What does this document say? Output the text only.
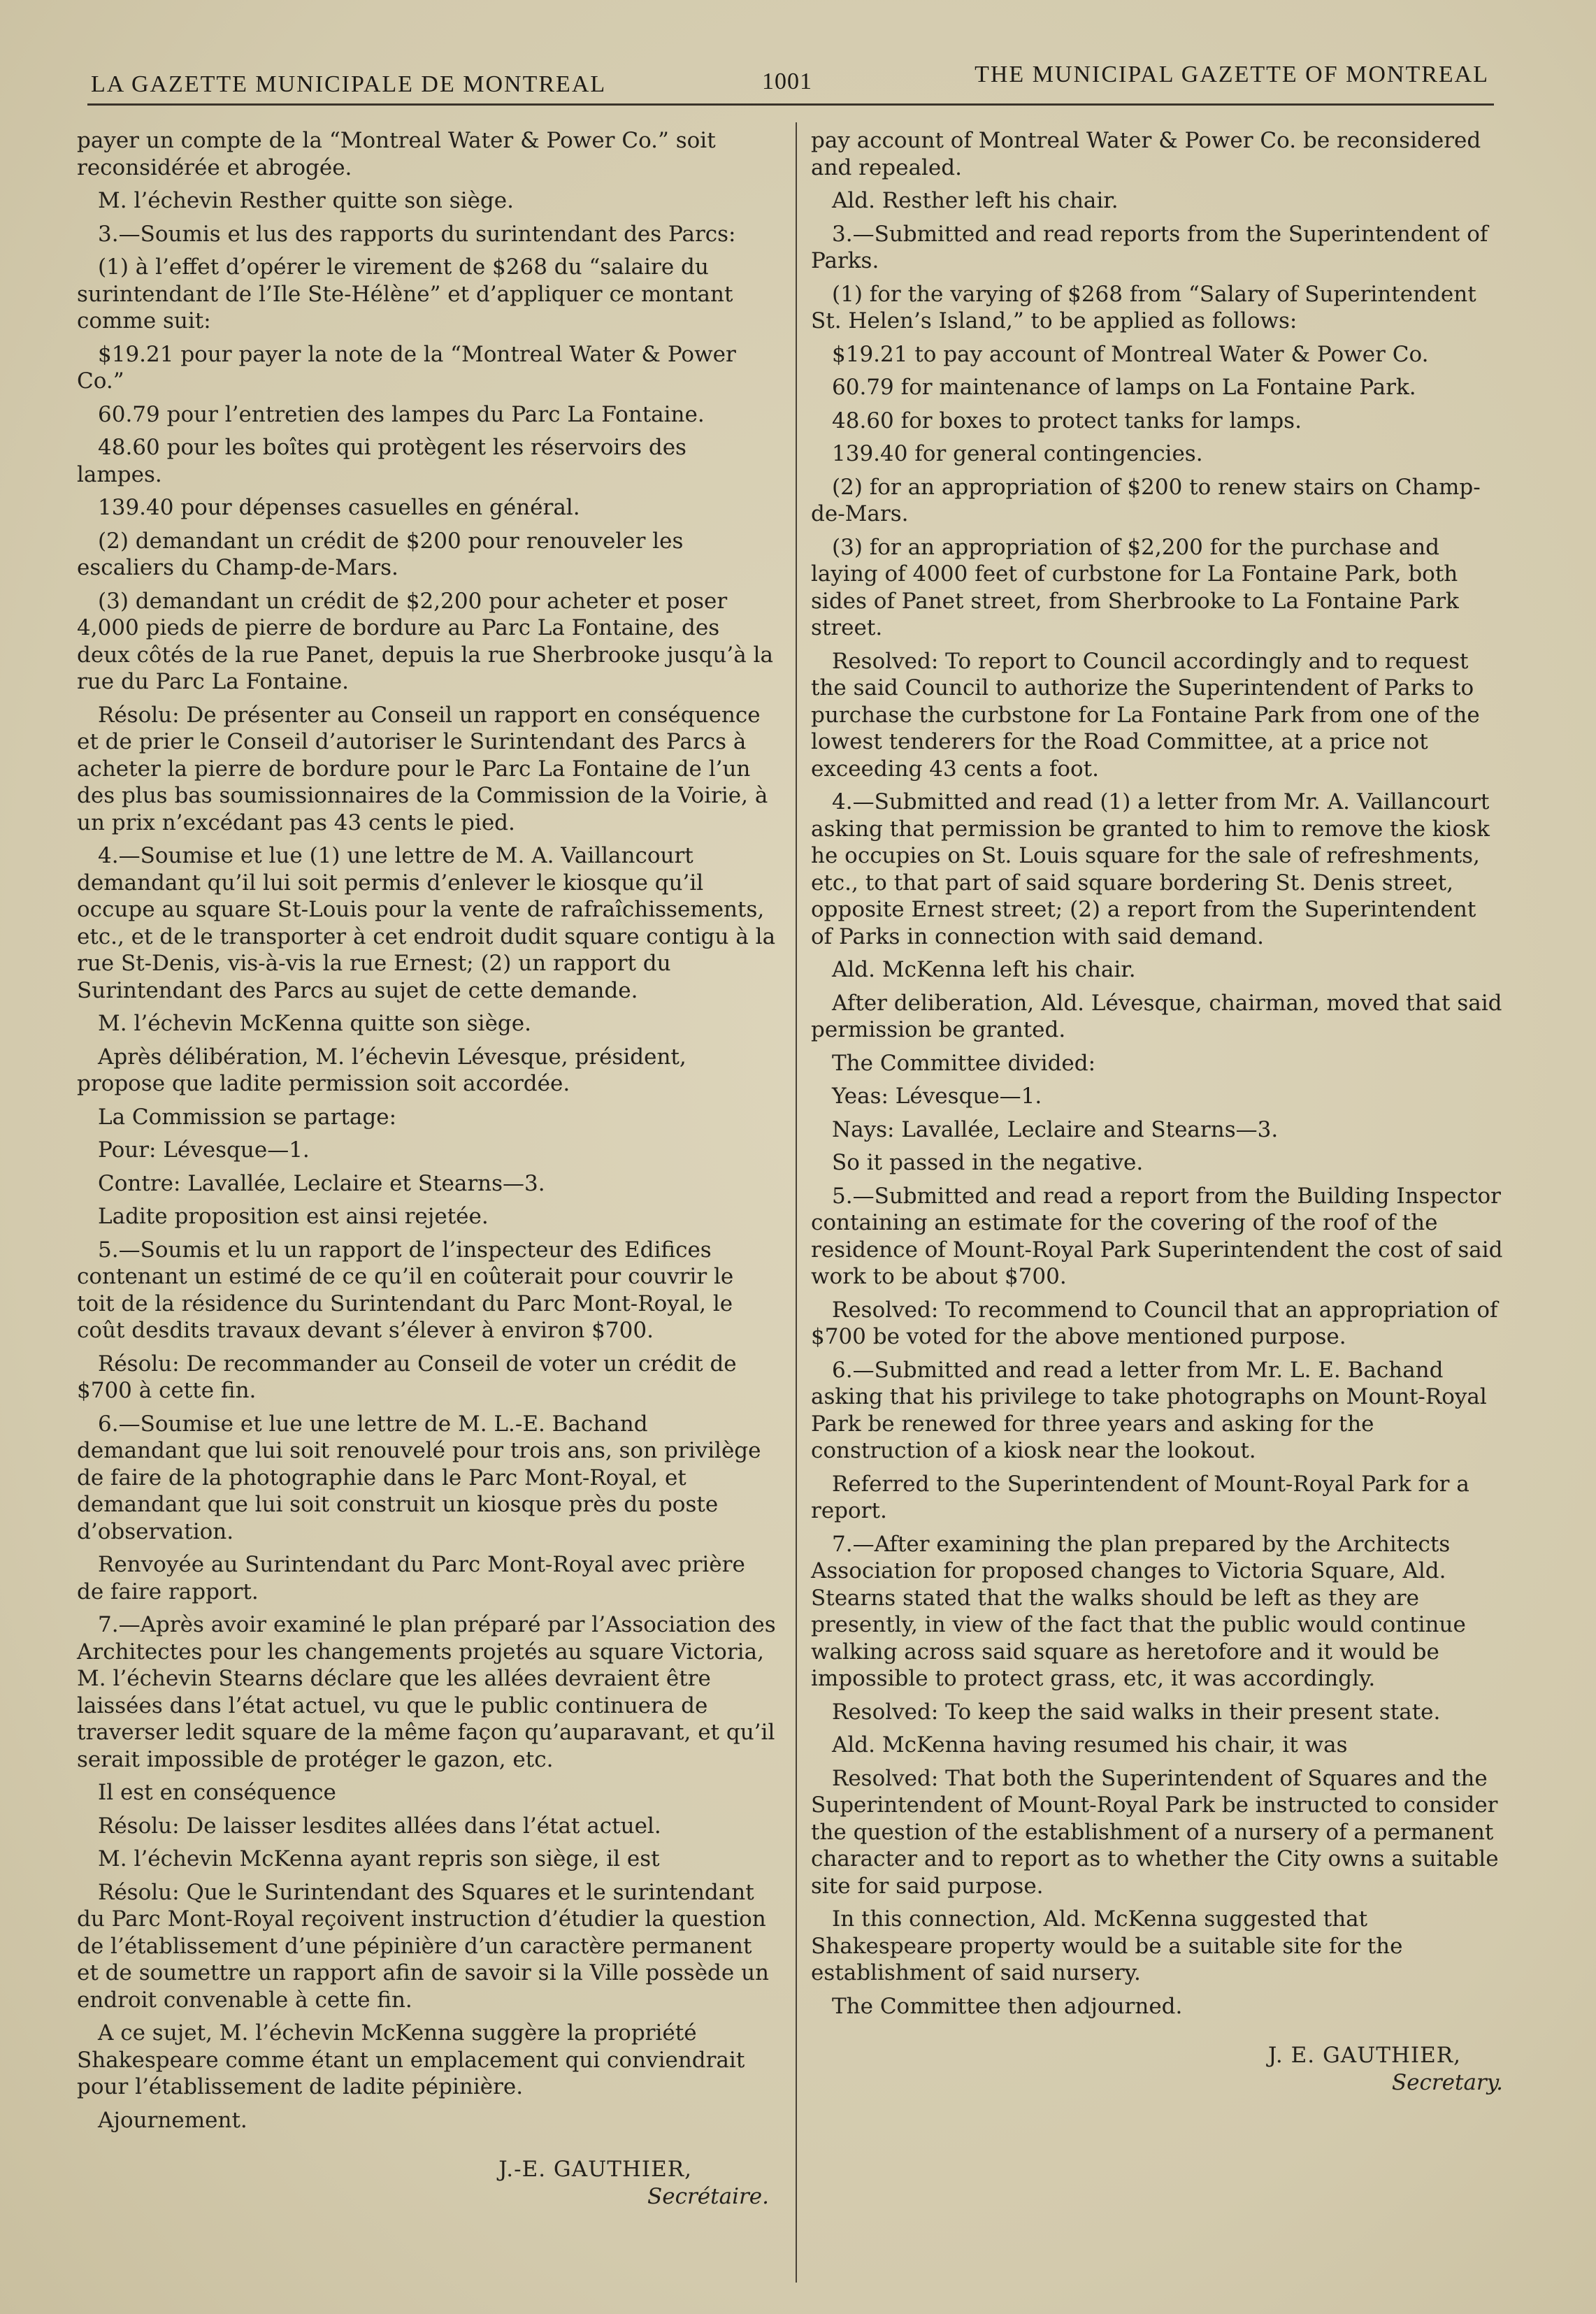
LA GAZETTE MUNICIPALE DE MONTREAL	1001	THE MUNICIPAL GAZETTE OF MONTREAL

payer un compte de la “Montreal Water & Power Co.” soit reconsidérée et abrogée.

M. l’échevin Resther quitte son siège.

3.—Soumis et lus des rapports du surintendant des Parcs:

(1) à l’effet d’opérer le virement de $268 du “salaire du surintendant de l’Ile Ste-Hélène” et d’appliquer ce montant comme suit:

$19.21 pour payer la note de la “Montreal Water & Power Co.”

60.79 pour l’entretien des lampes du Parc La Fontaine.

48.60 pour les boîtes qui protègent les réservoirs des lampes.

139.40 pour dépenses casuelles en général.

(2) demandant un crédit de $200 pour renouveler les escaliers du Champ-de-Mars.

(3) demandant un crédit de $2,200 pour acheter et poser 4,000 pieds de pierre de bordure au Parc La Fontaine, des deux côtés de la rue Panet, depuis la rue Sherbrooke jusqu’à la rue du Parc La Fontaine.

Résolu: De présenter au Conseil un rapport en conséquence et de prier le Conseil d’autoriser le Surintendant des Parcs à acheter la pierre de bordure pour le Parc La Fontaine de l’un des plus bas soumissionnaires de la Commission de la Voirie, à un prix n’excédant pas 43 cents le pied.

4.—Soumise et lue (1) une lettre de M. A. Vaillancourt demandant qu’il lui soit permis d’enlever le kiosque qu’il occupe au square St-Louis pour la vente de rafraîchissements, etc., et de le transporter à cet endroit dudit square contigu à la rue St-Denis, vis-à-vis la rue Ernest; (2) un rapport du Surintendant des Parcs au sujet de cette demande.

M. l’échevin McKenna quitte son siège.

Après délibération, M. l’échevin Lévesque, président, propose que ladite permission soit accordée.

La Commission se partage:

Pour: Lévesque—1.

Contre: Lavallée, Leclaire et Stearns—3.

Ladite proposition est ainsi rejetée.

5.—Soumis et lu un rapport de l’inspecteur des Edifices contenant un estimé de ce qu’il en coûterait pour couvrir le toit de la résidence du Surintendant du Parc Mont-Royal, le coût desdits travaux devant s’élever à environ $700.

Résolu: De recommander au Conseil de voter un crédit de $700 à cette fin.

6.—Soumise et lue une lettre de M. L.-E. Bachand demandant que lui soit renouvelé pour trois ans, son privilège de faire de la photographie dans le Parc Mont-Royal, et demandant que lui soit construit un kiosque près du poste d’observation.

Renvoyée au Surintendant du Parc Mont-Royal avec prière de faire rapport.

7.—Après avoir examiné le plan préparé par l’Association des Architectes pour les changements projetés au square Victoria, M. l’échevin Stearns déclare que les allées devraient être laissées dans l’état actuel, vu que le public continuera de traverser ledit square de la même façon qu’auparavant, et qu’il serait impossible de protéger le gazon, etc.

Il est en conséquence

Résolu: De laisser lesdites allées dans l’état actuel.

M. l’échevin McKenna ayant repris son siège, il est

Résolu: Que le Surintendant des Squares et le surintendant du Parc Mont-Royal reçoivent instruction d’étudier la question de l’établissement d’une pépinière d’un caractère permanent et de soumettre un rapport afin de savoir si la Ville possède un endroit convenable à cette fin.

A ce sujet, M. l’échevin McKenna suggère la propriété Shakespeare comme étant un emplacement qui conviendrait pour l’établissement de ladite pépinière.

Ajournement.

J.-E. GAUTHIER,
Secrétaire.

pay account of Montreal Water & Power Co. be reconsidered and repealed.

Ald. Resther left his chair.

3.—Submitted and read reports from the Superintendent of Parks.

(1) for the varying of $268 from “Salary of Superintendent St. Helen’s Island,” to be applied as follows:

$19.21 to pay account of Montreal Water & Power Co.

60.79 for maintenance of lamps on La Fontaine Park.

48.60 for boxes to protect tanks for lamps.

139.40 for general contingencies.

(2) for an appropriation of $200 to renew stairs on Champ-de-Mars.

(3) for an appropriation of $2,200 for the purchase and laying of 4000 feet of curbstone for La Fontaine Park, both sides of Panet street, from Sherbrooke to La Fontaine Park street.

Resolved: To report to Council accordingly and to request the said Council to authorize the Superintendent of Parks to purchase the curbstone for La Fontaine Park from one of the lowest tenderers for the Road Committee, at a price not exceeding 43 cents a foot.

4.—Submitted and read (1) a letter from Mr. A. Vaillancourt asking that permission be granted to him to remove the kiosk he occupies on St. Louis square for the sale of refreshments, etc., to that part of said square bordering St. Denis street, opposite Ernest street; (2) a report from the Superintendent of Parks in connection with said demand.

Ald. McKenna left his chair.

After deliberation, Ald. Lévesque, chairman, moved that said permission be granted.

The Committee divided:

Yeas: Lévesque—1.

Nays: Lavallée, Leclaire and Stearns—3.

So it passed in the negative.

5.—Submitted and read a report from the Building Inspector containing an estimate for the covering of the roof of the residence of Mount-Royal Park Superintendent the cost of said work to be about $700.

Resolved: To recommend to Council that an appropriation of $700 be voted for the above mentioned purpose.

6.—Submitted and read a letter from Mr. L. E. Bachand asking that his privilege to take photographs on Mount-Royal Park be renewed for three years and asking for the construction of a kiosk near the lookout.

Referred to the Superintendent of Mount-Royal Park for a report.

7.—After examining the plan prepared by the Architects Association for proposed changes to Victoria Square, Ald. Stearns stated that the walks should be left as they are presently, in view of the fact that the public would continue walking across said square as heretofore and it would be impossible to protect grass, etc, it was accordingly.

Resolved: To keep the said walks in their present state.

Ald. McKenna having resumed his chair, it was

Resolved: That both the Superintendent of Squares and the Superintendent of Mount-Royal Park be instructed to consider the question of the establishment of a nursery of a permanent character and to report as to whether the City owns a suitable site for said purpose.

In this connection, Ald. McKenna suggested that Shakespeare property would be a suitable site for the establishment of said nursery.

The Committee then adjourned.

J. E. GAUTHIER,
Secretary.
